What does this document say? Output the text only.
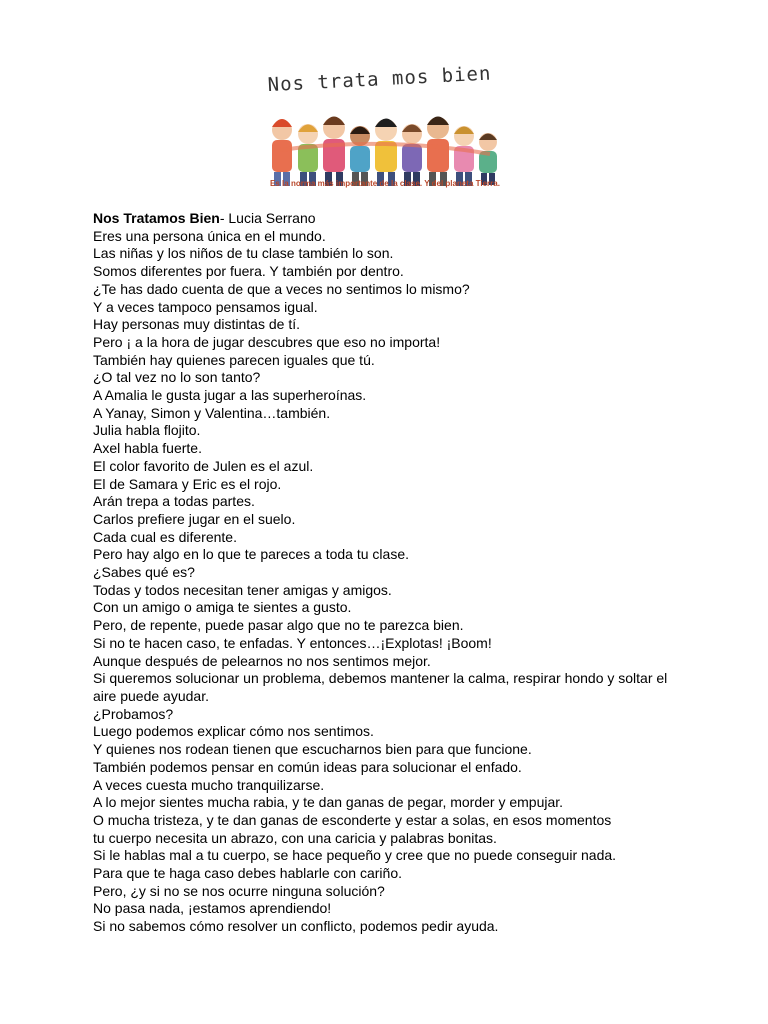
Nos trata mos bien
Es la norma más importante de la clase. Y del planeta Tierra.
Nos Tratamos Bien- Lucia Serrano
Eres una persona única en el mundo.
Las niñas y los niños de tu clase también lo son.
Somos diferentes por fuera. Y también por dentro.
¿Te has dado cuenta de que a veces no sentimos lo mismo?
Y a veces tampoco pensamos igual.
Hay personas muy distintas de tí.
Pero ¡ a la hora de jugar descubres que eso no importa!
También hay quienes parecen iguales que tú.
¿O tal vez no lo son tanto?
A Amalia le gusta jugar a las superheroínas.
A Yanay, Simon y Valentina…también.
Julia habla flojito.
Axel habla fuerte.
El color favorito de Julen es el azul.
El de Samara y Eric es el rojo.
Arán trepa a todas partes.
Carlos prefiere jugar en el suelo.
Cada cual es diferente.
Pero hay algo en lo que te pareces a toda tu clase.
¿Sabes qué es?
Todas y todos necesitan tener amigas y amigos.
Con un amigo o amiga te sientes a gusto.
Pero, de repente, puede pasar algo que no te parezca bien.
Si no te hacen caso, te enfadas. Y entonces…¡Explotas! ¡Boom!
Aunque después de pelearnos no nos sentimos mejor.
Si queremos solucionar un problema, debemos mantener la calma, respirar hondo y soltar el
aire puede ayudar.
¿Probamos?
Luego podemos explicar cómo nos sentimos.
Y quienes nos rodean tienen que escucharnos bien para que funcione.
También podemos pensar en común ideas para solucionar el enfado.
A veces cuesta mucho tranquilizarse.
A lo mejor sientes mucha rabia, y te dan ganas de pegar, morder y empujar.
O mucha tristeza, y te dan ganas de esconderte y estar a solas, en esos momentos
tu cuerpo necesita un abrazo, con una caricia y palabras bonitas.
Si le hablas mal a tu cuerpo, se hace pequeño y cree que no puede conseguir nada.
Para que te haga caso debes hablarle con cariño.
Pero, ¿y si no se nos ocurre ninguna solución?
No pasa nada, ¡estamos aprendiendo!
Si no sabemos cómo resolver un conflicto, podemos pedir ayuda.
